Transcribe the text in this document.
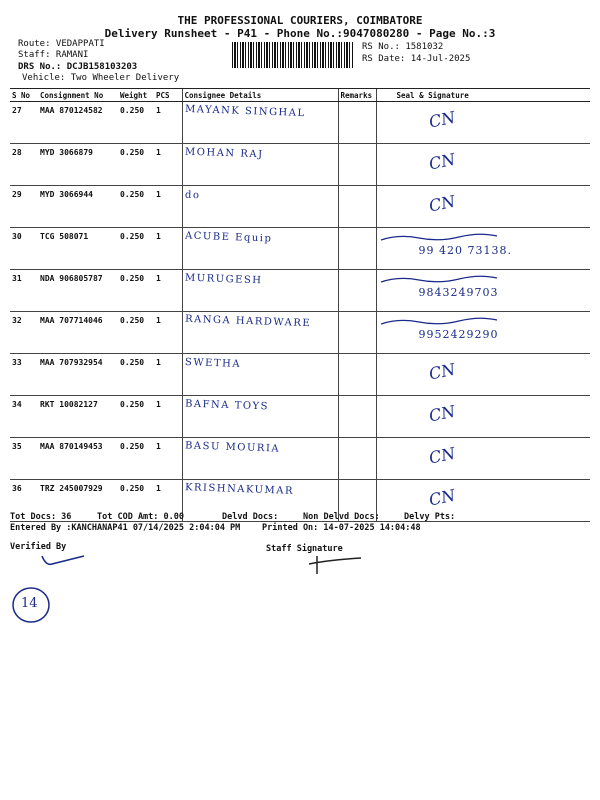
THE PROFESSIONAL COURIERS, COIMBATORE
Delivery Runsheet - P41 - Phone No.:9047080280 - Page No.:3
Route: VEDAPPATI
Staff: RAMANI
DRS No.: DCJB158103203
Vehicle: Two Wheeler Delivery
RS No.: 1581032
RS Date: 14-Jul-2025
S No	Consignment No	Weight	PCS	Consignee Details	Remarks	Seal & Signature
27	MAA 870124582	0.250	1	MAYANK SINGHAL		CN
28	MYD 3066879	0.250	1	MOHAN RAJ		CN
29	MYD 3066944	0.250	1	do		CN
30	TCG 508071	0.250	1	ACUBE Equip		99 420 73138.

31	NDA 906805787	0.250	1	MURUGESH		9843249703

32	MAA 707714046	0.250	1	RANGA HARDWARE		9952429290

33	MAA 707932954	0.250	1	SWETHA		CN
34	RKT 10082127	0.250	1	BAFNA TOYS		CN
35	MAA 870149453	0.250	1	BASU MOURIA		CN
36	TRZ 245007929	0.250	1	KRISHNAKUMAR		CN
Tot Docs: 36	Tot COD Amt: 0.00	Delvd Docs:	Non Delvd Docs:	Delvy Pts:
Entered By :KANCHANAP41 07/14/2025 2:04:04 PM	Printed On: 14-07-2025 14:04:48
Verified By	Staff Signature
14
